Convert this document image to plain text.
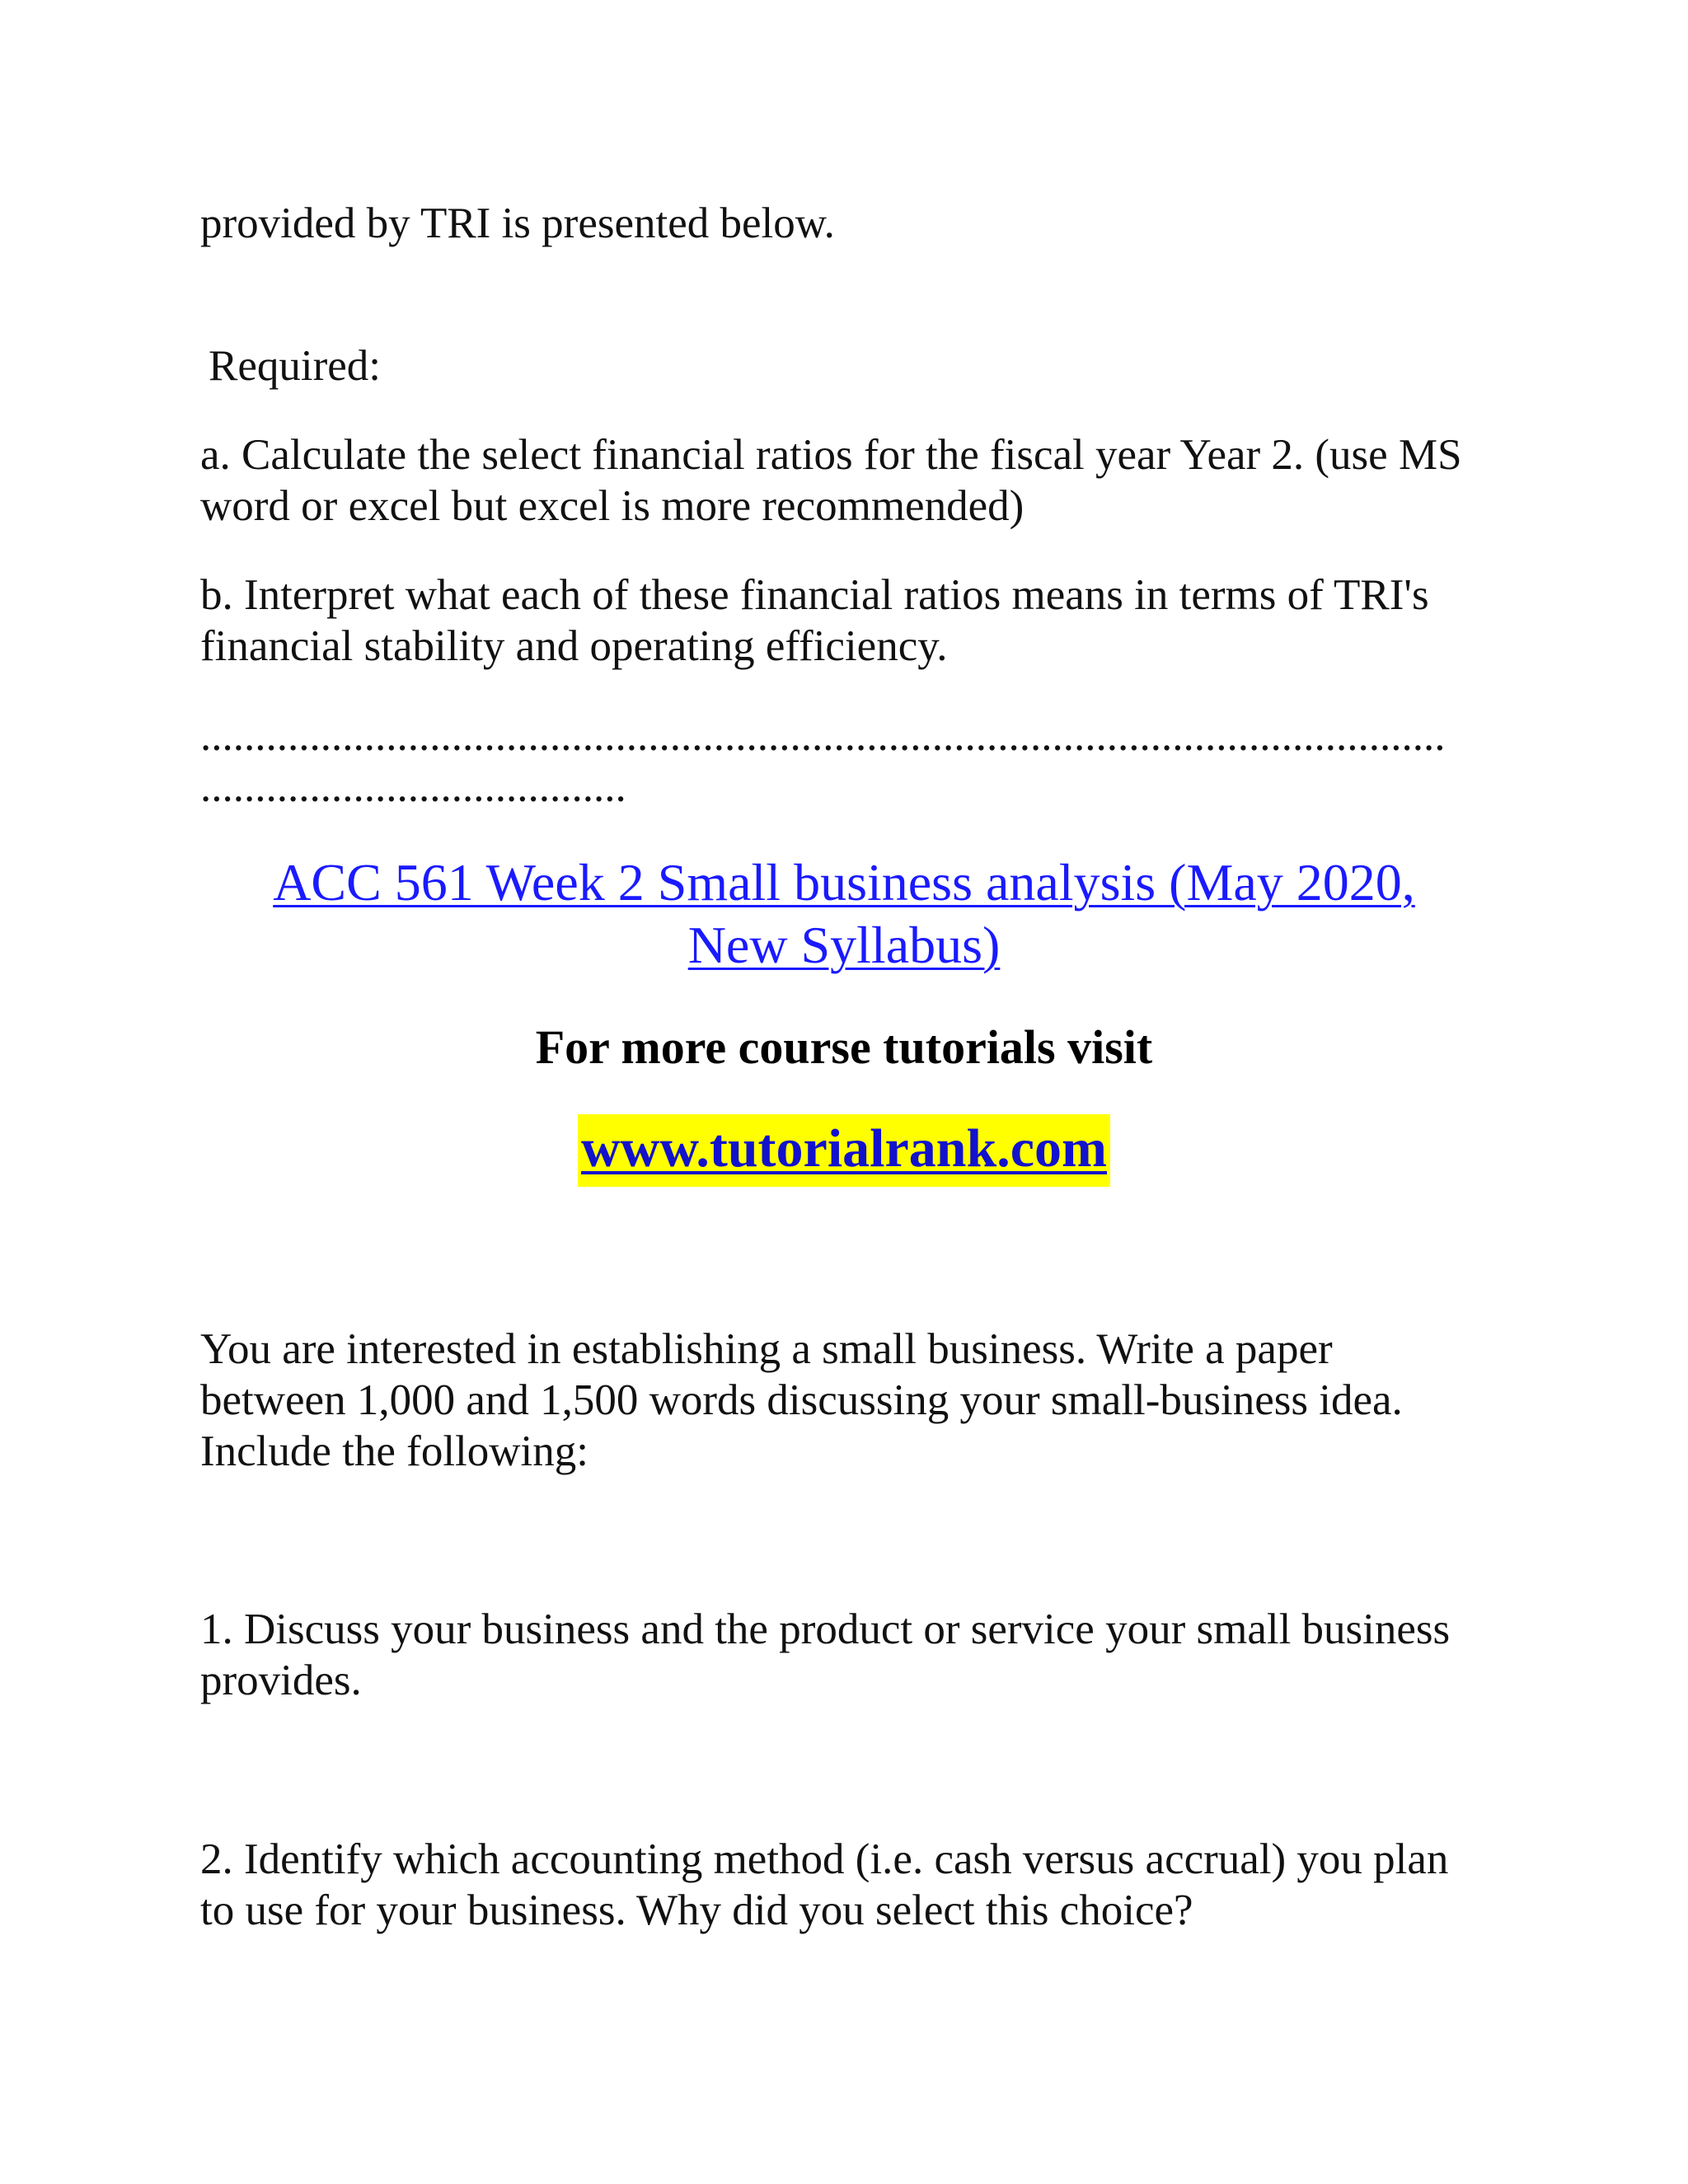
provided by TRI is presented below.

Required:

a. Calculate the select financial ratios for the fiscal year Year 2. (use MS
word or excel but excel is more recommended)

b. Interpret what each of these financial ratios means in terms of TRI's
financial stability and operating efficiency.

..................................................................................................................
.......................................
ACC 561 Week 2 Small business analysis (May 2020,
New Syllabus)
For more course tutorials visit
www.tutorialrank.com

You are interested in establishing a small business. Write a paper
between 1,000 and 1,500 words discussing your small-business idea.
Include the following:

1. Discuss your business and the product or service your small business
provides.

2. Identify which accounting method (i.e. cash versus accrual) you plan
to use for your business. Why did you select this choice?
